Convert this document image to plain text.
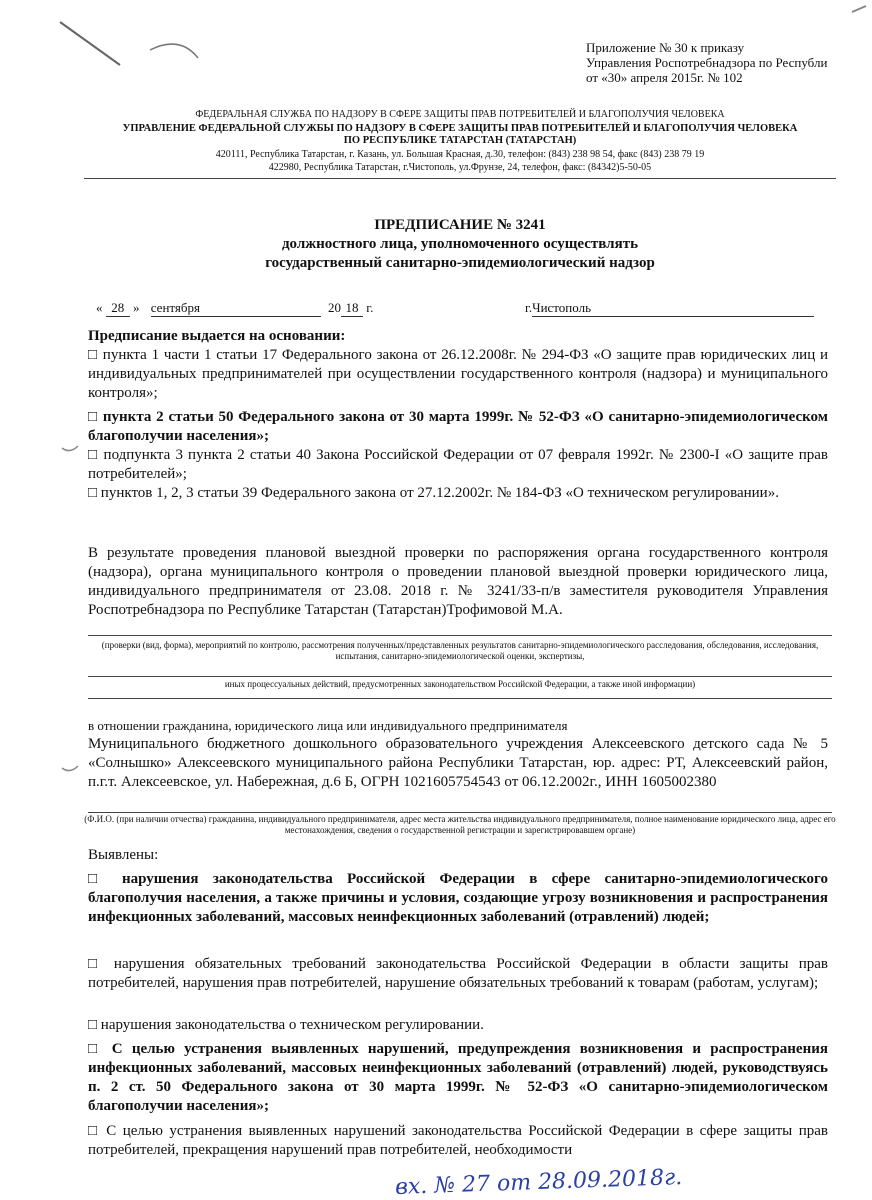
Приложение № 30 к приказу
Управления Роспотребнадзора по Республи
от «30» апреля 2015г. № 102
ФЕДЕРАЛЬНАЯ СЛУЖБА ПО НАДЗОРУ В СФЕРЕ ЗАЩИТЫ ПРАВ ПОТРЕБИТЕЛЕЙ И БЛАГОПОЛУЧИЯ ЧЕЛОВЕКА
УПРАВЛЕНИЕ ФЕДЕРАЛЬНОЙ СЛУЖБЫ ПО НАДЗОРУ В СФЕРЕ ЗАЩИТЫ ПРАВ ПОТРЕБИТЕЛЕЙ И БЛАГОПОЛУЧИЯ ЧЕЛОВЕКА
ПО РЕСПУБЛИКЕ ТАТАРСТАН (ТАТАРСТАН)
420111, Республика Татарстан, г. Казань, ул. Большая Красная, д.30, телефон: (843) 238 98 54, факс (843) 238 79 19
422980, Республика Татарстан, г.Чистополь, ул.Фрунзе, 24, телефон, факс: (84342)5-50-05
ПРЕДПИСАНИЕ № 3241
должностного лица, уполномоченного осуществлять
государственный санитарно-эпидемиологический надзор
« 28 » сентября	20 18 г.	г.Чистополь

Предписание выдается на основании:

□ пункта 1 части 1 статьи 17 Федерального закона от 26.12.2008г. № 294-ФЗ «О защите прав юридических лиц и индивидуальных предпринимателей при осуществлении государственного контроля (надзора) и муниципального контроля»;

□ пункта 2 статьи 50 Федерального закона от 30 марта 1999г. № 52-ФЗ «О санитарно-эпидемиологическом благополучии населения»;

□ подпункта 3 пункта 2 статьи 40 Закона Российской Федерации от 07 февраля 1992г. № 2300-I «О защите прав потребителей»;

□ пунктов 1, 2, 3 статьи 39 Федерального закона от 27.12.2002г. № 184-ФЗ «О техническом регулировании».

В результате проведения плановой выездной проверки по распоряжения органа государственного контроля (надзора), органа муниципального контроля о проведении плановой выездной проверки юридического лица, индивидуального предпринимателя от 23.08. 2018 г. № 3241/33-п/в заместителя руководителя Управления Роспотребнадзора по Республике Татарстан (Татарстан)Трофимовой М.А.
(проверки (вид, форма), мероприятий по контролю, рассмотрения полученных/представленных результатов санитарно-эпидемиологического расследования, обследования, исследования, испытания, санитарно-эпидемиологической оценки, экспертизы,
иных процессуальных действий, предусмотренных законодательством Российской Федерации, а также иной информации)
в отношении гражданина, юридического лица или индивидуального предпринимателя
Муниципального бюджетного дошкольного образовательного учреждения Алексеевского детского сада № 5 «Солнышко» Алексеевского муниципального района Республики Татарстан, юр. адрес: РТ, Алексеевский район, п.г.т. Алексеевское, ул. Набережная, д.6 Б, ОГРН 1021605754543 от 06.12.2002г., ИНН 1605002380
(Ф.И.О. (при наличии отчества) гражданина, индивидуального предпринимателя, адрес места жительства индивидуального предпринимателя, полное наименование юридического лица, адрес его местонахождения, сведения о государственной регистрации и зарегистрировавшем органе)
Выявлены:
□ нарушения законодательства Российской Федерации в сфере санитарно-эпидемиологического благополучия населения, а также причины и условия, создающие угрозу возникновения и распространения инфекционных заболеваний, массовых неинфекционных заболеваний (отравлений) людей;
□ нарушения обязательных требований законодательства Российской Федерации в области защиты прав потребителей, нарушения прав потребителей, нарушение обязательных требований к товарам (работам, услугам);
□ нарушения законодательства о техническом регулировании.
□ С целью устранения выявленных нарушений, предупреждения возникновения и распространения инфекционных заболеваний, массовых неинфекционных заболеваний (отравлений) людей, руководствуясь п. 2 ст. 50 Федерального закона от 30 марта 1999г. № 52-ФЗ «О санитарно-эпидемиологическом благополучии населения»;
□ С целью устранения выявленных нарушений законодательства Российской Федерации в сфере защиты прав потребителей, прекращения нарушений прав потребителей, необходимости
вх. № 27 от 28.09.2018г.
